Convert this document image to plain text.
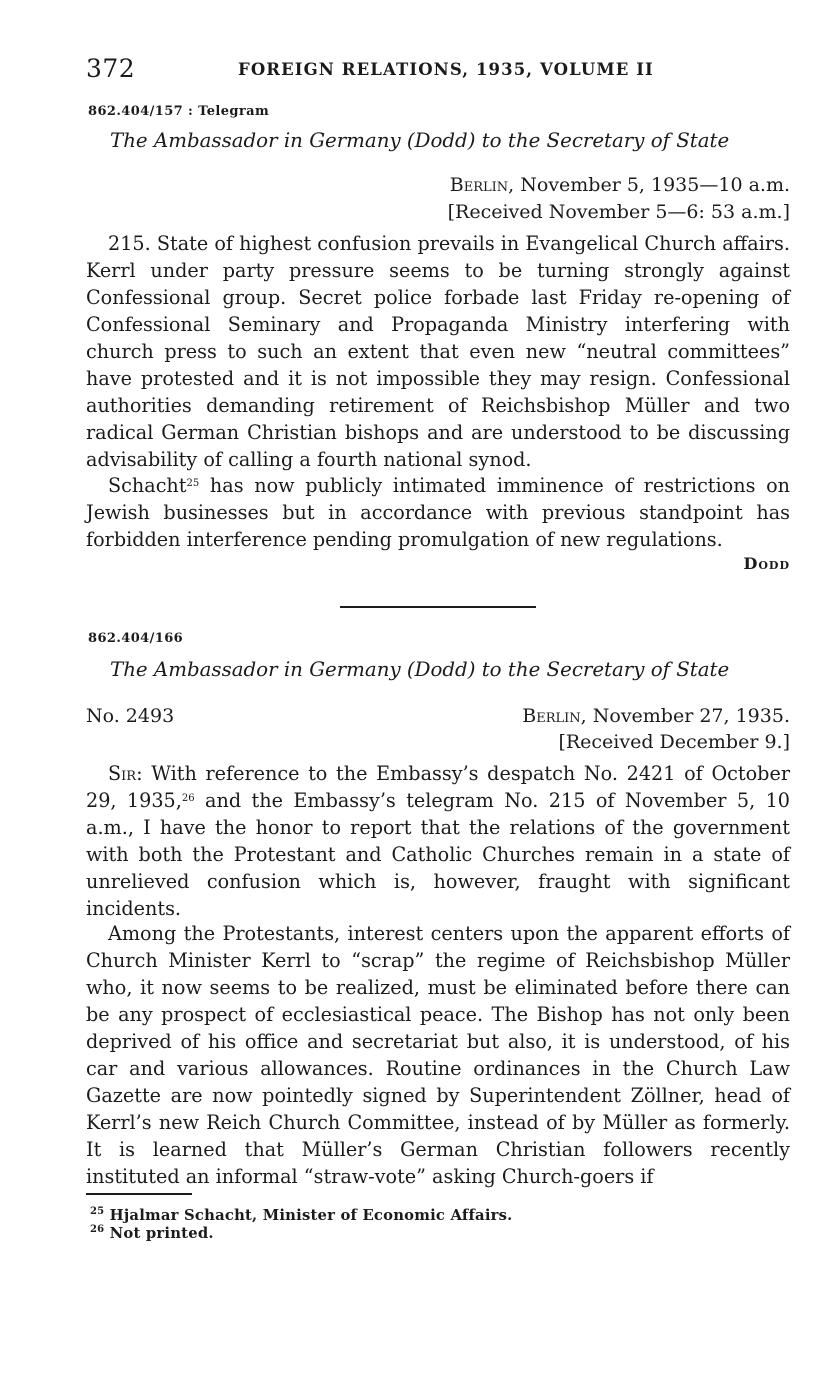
372	FOREIGN RELATIONS, 1935, VOLUME II
862.404/157 : Telegram
The Ambassador in Germany (Dodd) to the Secretary of State
Berlin, November 5, 1935—10 a.m.
[Received November 5—6: 53 a.m.]

215. State of highest confusion prevails in Evangelical Church affairs. Kerrl under party pressure seems to be turning strongly against Confessional group. Secret police forbade last Friday re-opening of Confessional Seminary and Propaganda Ministry interfering with church press to such an extent that even new “neutral committees” have protested and it is not impossible they may resign. Confessional authorities demanding retirement of Reichsbishop Müller and two radical German Christian bishops and are understood to be discussing advisability of calling a fourth national synod.

Schacht$^{25}$ has now publicly intimated imminence of restrictions on Jewish businesses but in accordance with previous standpoint has forbidden interference pending promulgation of new regulations.

Dodd
862.404/166
The Ambassador in Germany (Dodd) to the Secretary of State
No. 2493	Berlin, November 27, 1935.
[Received December 9.]

Sir: With reference to the Embassy’s despatch No. 2421 of October 29, 1935,26 and the Embassy’s telegram No. 215 of November 5, 10 a.m., I have the honor to report that the relations of the government with both the Protestant and Catholic Churches remain in a state of unrelieved confusion which is, however, fraught with significant incidents.

Among the Protestants, interest centers upon the apparent efforts of Church Minister Kerrl to “scrap” the regime of Reichsbishop Müller who, it now seems to be realized, must be eliminated before there can be any prospect of ecclesiastical peace. The Bishop has not only been deprived of his office and secretariat but also, it is understood, of his car and various allowances. Routine ordinances in the Church Law Gazette are now pointedly signed by Superintendent Zöllner, head of Kerrl’s new Reich Church Committee, instead of by Müller as formerly. It is learned that Müller’s German Christian followers recently instituted an informal “straw-vote” asking Church-goers if

$^{25}$ Hjalmar Schacht, Minister of Economic Affairs.
$^{26}$ Not printed.
